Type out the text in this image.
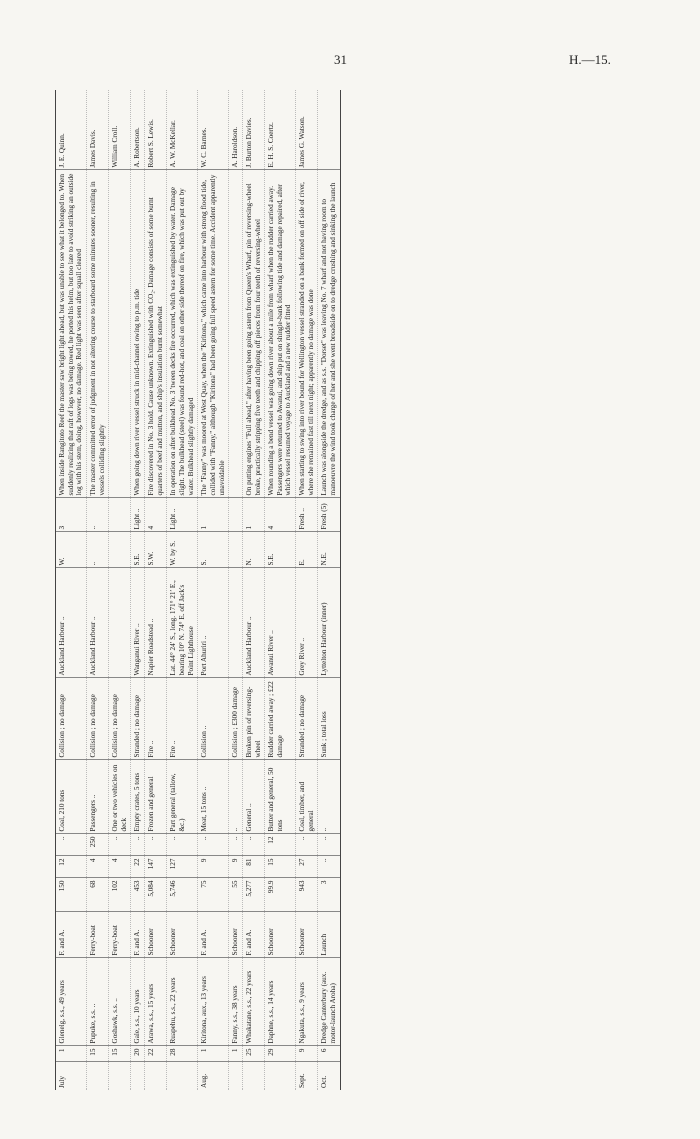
31	H.—15.
July	1	Glenelg, s.s., 49 years	F. and A.	150	12	..	Coal, 210 tons	Collision ; no damage	Auckland Harbour ..	W.	3	When inside Rangitoto Reef the master saw bright light ahead, but was unable to see what it belonged to. When suddenly realizing that raft of logs was being towed, he ported his helm, but too late to avoid striking an outside log with his stem, doing, however, no damage. Red light was seen after squall cleared	J. E. Quinn.
	15	Pupuke, s.s. ..	Ferry-boat	68	4	250	Passengers ..	Collision ; no damage	Auckland Harbour ..	..	..	The master committed error of judgment in not altering course to starboard some minutes sooner, resulting in vessels colliding slightly	James Davis.
	15	Goshawk, s.s. ..	Ferry-boat	102	4	..	One or two vehicles on deck	Collision ; no damage					William Croll.
	20	Gale, s.s., 10 years	F. and A.	453	22	..	Empty crates, 5 tons	Stranded ; no damage	Wanganui River ..	S.E.	Light ..	When going down river vessel struck in mid-channel owing to p.m. tide	A. Robertson.
	22	Arawa, s.s., 15 years	Schooner	5,084	147	..	Frozen and general	Fire ..	Napier Roadstead ..	S.W.	4	Fire discovered in No. 3 hold. Cause unknown. Extinguished with CO₂. Damage consists of some burnt quarters of beef and mutton, and ship's insulation burnt somewhat	Robert S. Lewis.
	28	Ruapehu, s.s., 22 years	Schooner	5,746	127	..	Part general (tallow, &c.)	Fire ..	Lat. 44° 24′ S., long. 171° 21′ E., bearing 10° N. 74° E. off Jack's Point Lighthouse	W. by S.	Light ..	In operation on after bulkhead No. 3 'tween decks fire occurred, which was extinguished by water. Damage slight. The bulkhead (steel) was found red-hot, and coal on other side thereof on fire, which was put out by water. Bulkhead slightly damaged	A. W. McKellar.
Aug.	1	Kiritona, aux., 13 years	F. and A.	75	9	..	Meat, 15 tons ..	Collision ..	Port Ahuriri ..	S.	1	The "Fanny" was moored at West Quay, when the "Kiritona," which came into harbour with strong flood tide, collided with "Fanny," although "Kiritona" had been going full speed astern for some time. Accident apparently unavoidable	W. C. Barnes.
	1	Fanny, s.s., 38 years	Schooner	55	9	..	..	Collision ; £300 damage					A. Haroldson.
	25	Whakatane, s.s., 22 years	F. and A.	5,277	81	..	General ..	Broken pin of reversing-wheel	Auckland Harbour ..	N.	1	On putting engines "Full ahead," after having been going astern from Queen's Wharf, pin of reversing-wheel broke, practically stripping five teeth and chipping off pieces from four teeth of reversing-wheel	J. Burton Davies.
	29	Daphne, s.s., 14 years	Schooner	99.9	15	12	Butter and general, 50 tons	Rudder carried away ; £22 damage	Awanui River ..	S.E.	4	When rounding a bend vessel was going down river about a mile from wharf when the rudder carried away. Passengers were returned to Awanui, and ship put on shingle-bank following tide and damage repaired, after which vessel resumed voyage to Auckland and a new rudder fitted	E. H. S. Coertz.
Sept.	9	Ngakuta, s.s., 9 years	Schooner	943	27	..	Coal, timber, and general	Stranded ; no damage	Grey River ..	E.	Fresh ..	When starting to swing into river bound for Wellington vessel stranded on a bank formed on off side of river, where she remained fast till next night; apparently no damage was done	James G. Watson.
Oct.	6	Dredge Canterbury (aux. motor-launch Aroha)	Launch	3	..	..	..	Sunk ; total loss	Lyttelton Harbour (inner)	N.E.	Fresh (5)	Launch was alongside the dredge, and as s.s. "Dorset" was leaving No. 7 wharf and not having room to manoeuvre the wind took charge of her and she went broadside on to dredge crushing and sinking the launch	
